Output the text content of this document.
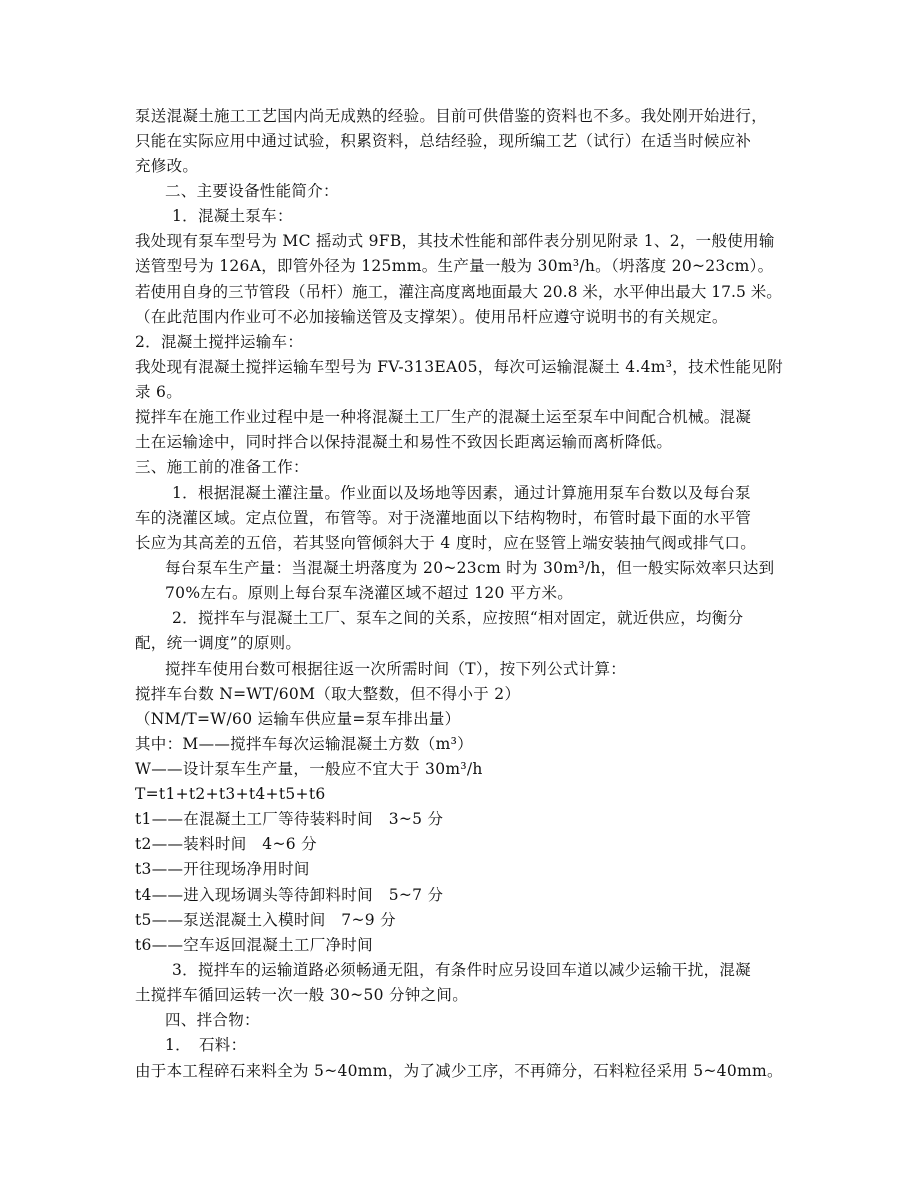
泵送混凝土施工工艺国内尚无成熟的经验。目前可供借鉴的资料也不多。我处刚开始进行，
只能在实际应用中通过试验，积累资料，总结经验，现所编工艺（试行）在适当时候应补
充修改。
二、主要设备性能简介：
1．混凝土泵车：
我处现有泵车型号为 MC 摇动式 9FB，其技术性能和部件表分别见附录 1、2，一般使用输
送管型号为 126A，即管外径为 125mm。生产量一般为 30m³/h。（坍落度 20~23cm）。
若使用自身的三节管段（吊杆）施工，灌注高度离地面最大 20.8 米，水平伸出最大 17.5 米。
（在此范围内作业可不必加接输送管及支撑架）。使用吊杆应遵守说明书的有关规定。
2．混凝土搅拌运输车：
我处现有混凝土搅拌运输车型号为 FV-313EA05，每次可运输混凝土 4.4m³，技术性能见附
录 6。
搅拌车在施工作业过程中是一种将混凝土工厂生产的混凝土运至泵车中间配合机械。混凝
土在运输途中，同时拌合以保持混凝土和易性不致因长距离运输而离析降低。
三、施工前的准备工作：
1．根据混凝土灌注量。作业面以及场地等因素，通过计算施用泵车台数以及每台泵
车的浇灌区域。定点位置，布管等。对于浇灌地面以下结构物时，布管时最下面的水平管
长应为其高差的五倍，若其竖向管倾斜大于 4 度时，应在竖管上端安装抽气阀或排气口。
每台泵车生产量：当混凝土坍落度为 20~23cm 时为 30m³/h，但一般实际效率只达到
70%左右。原则上每台泵车浇灌区域不超过 120 平方米。
2．搅拌车与混凝土工厂、泵车之间的关系，应按照“相对固定，就近供应，均衡分
配，统一调度”的原则。
搅拌车使用台数可根据往返一次所需时间（T），按下列公式计算：
搅拌车台数 N=WT/60M（取大整数，但不得小于 2）
（NM/T=W/60 运输车供应量=泵车排出量）
其中：M——搅拌车每次运输混凝土方数（m³）
W——设计泵车生产量，一般应不宜大于 30m³/h
T=t1+t2+t3+t4+t5+t6
t1——在混凝土工厂等待装料时间　3~5 分
t2——装料时间　4~6 分
t3——开往现场净用时间
t4——进入现场调头等待卸料时间　5~7 分
t5——泵送混凝土入模时间　7~9 分
t6——空车返回混凝土工厂净时间
3．搅拌车的运输道路必须畅通无阻，有条件时应另设回车道以减少运输干扰，混凝
土搅拌车循回运转一次一般 30~50 分钟之间。
四、拌合物：
1．　石料：
由于本工程碎石来料全为 5~40mm，为了减少工序，不再筛分，石料粒径采用 5~40mm。
